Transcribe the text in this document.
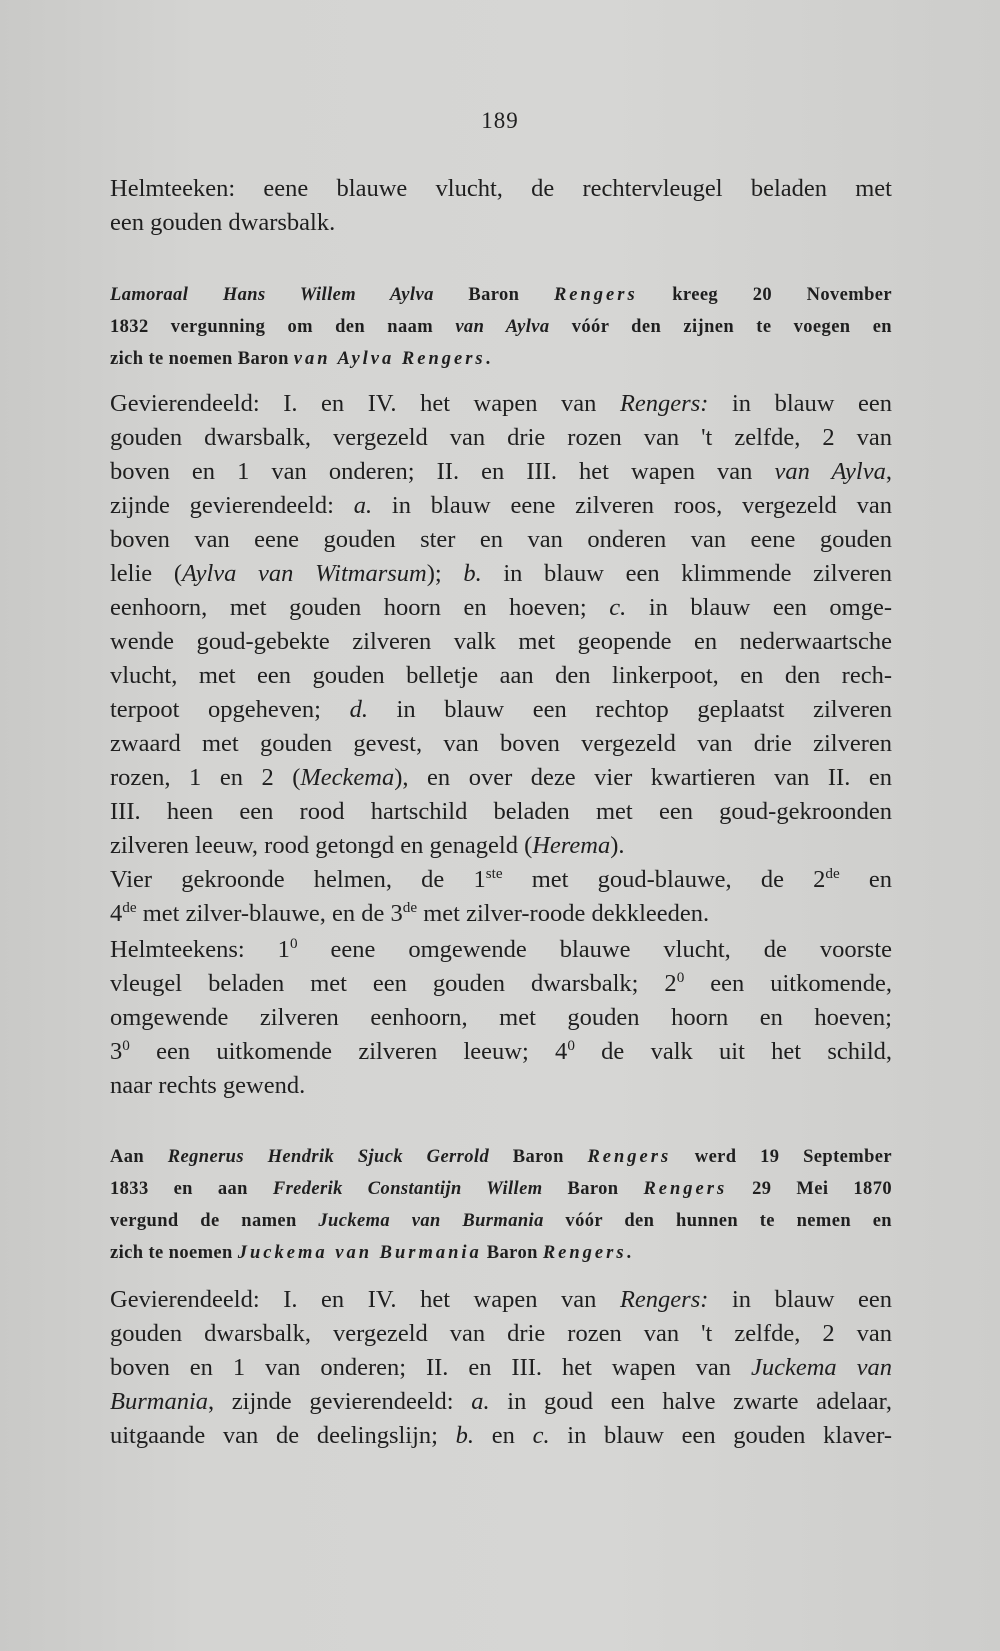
189
Helmteeken: eene blauwe vlucht, de rechtervleugel beladen met
een gouden dwarsbalk.
Lamoraal Hans Willem Aylva Baron Rengers kreeg 20 November
1832 vergunning om den naam van Aylva vóór den zijnen te voegen en
zich te noemen Baron van Aylva Rengers.
Gevierendeeld: I. en IV. het wapen van Rengers: in blauw een
gouden dwarsbalk, vergezeld van drie rozen van 't zelfde, 2 van
boven en 1 van onderen; II. en III. het wapen van van Aylva,
zijnde gevierendeeld: a. in blauw eene zilveren roos, vergezeld van
boven van eene gouden ster en van onderen van eene gouden
lelie (Aylva van Witmarsum); b. in blauw een klimmende zilveren
eenhoorn, met gouden hoorn en hoeven; c. in blauw een omge-
wende goud-gebekte zilveren valk met geopende en nederwaartsche
vlucht, met een gouden belletje aan den linkerpoot, en den rech-
terpoot opgeheven; d. in blauw een rechtop geplaatst zilveren
zwaard met gouden gevest, van boven vergezeld van drie zilveren
rozen, 1 en 2 (Meckema), en over deze vier kwartieren van II. en
III. heen een rood hartschild beladen met een goud-gekroonden
zilveren leeuw, rood getongd en genageld (Herema).
Vier gekroonde helmen, de 1ste met goud-blauwe, de 2de en
4de met zilver-blauwe, en de 3de met zilver-roode dekkleeden.
Helmteekens: $1^0$ eene omgewende blauwe vlucht, de voorste
vleugel beladen met een gouden dwarsbalk; $2^0$ een uitkomende,
omgewende zilveren eenhoorn, met gouden hoorn en hoeven;
$3^0$ een uitkomende zilveren leeuw; $4^0$ de valk uit het schild,
naar rechts gewend.
Aan Regnerus Hendrik Sjuck Gerrold Baron Rengers werd 19 September
1833 en aan Frederik Constantijn Willem Baron Rengers 29 Mei 1870
vergund de namen Juckema van Burmania vóór den hunnen te nemen en
zich te noemen Juckema van Burmania Baron Rengers.
Gevierendeeld: I. en IV. het wapen van Rengers: in blauw een
gouden dwarsbalk, vergezeld van drie rozen van 't zelfde, 2 van
boven en 1 van onderen; II. en III. het wapen van Juckema van
Burmania, zijnde gevierendeeld: a. in goud een halve zwarte adelaar,
uitgaande van de deelingslijn; b. en c. in blauw een gouden klaver-
